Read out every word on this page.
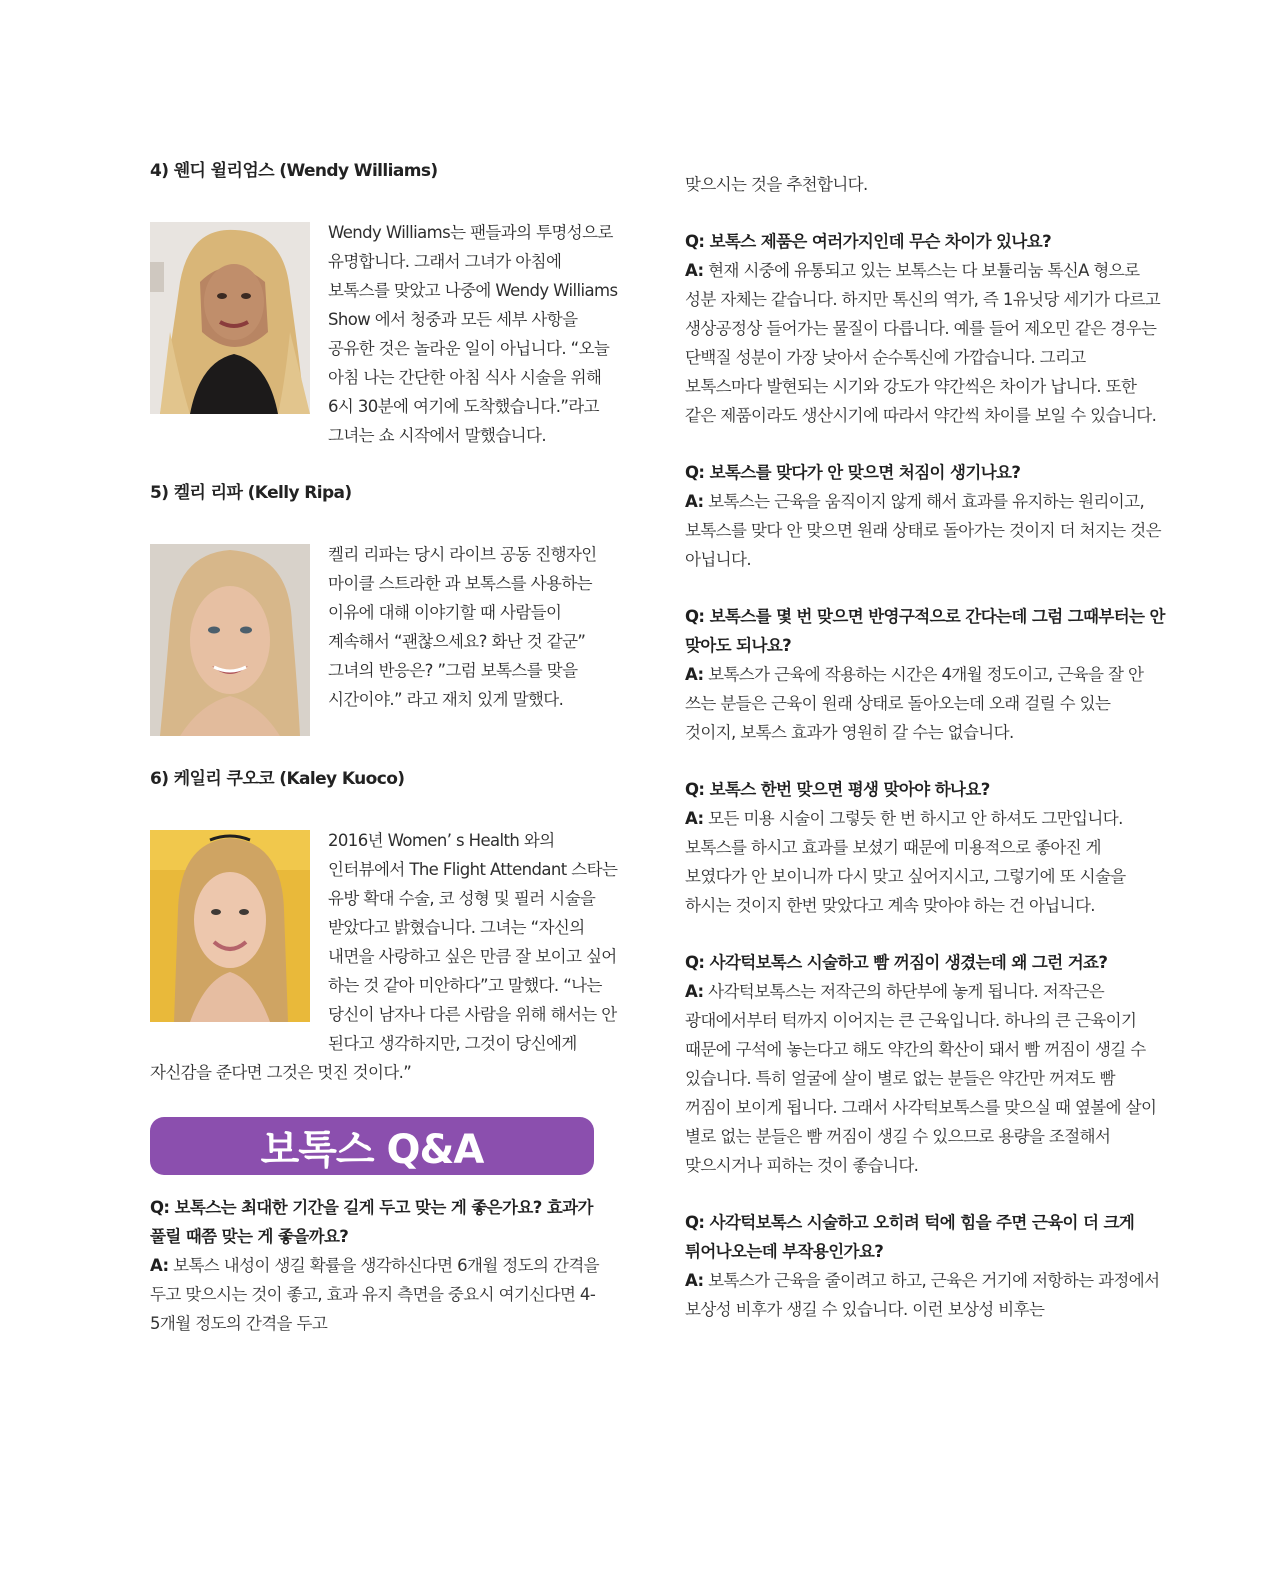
4) 웬디 윌리엄스 (Wendy Williams)

Wendy Williams는 팬들과의 투명성으로 유명합니다. 그래서 그녀가 아침에 보톡스를 맞았고 나중에 Wendy Williams Show 에서 청중과 모든 세부 사항을 공유한 것은 놀라운 일이 아닙니다. “오늘 아침 나는 간단한 아침 식사 시술을 위해 6시 30분에 여기에 도착했습니다.”라고 그녀는 쇼 시작에서 말했습니다.

5) 켈리 리파 (Kelly Ripa)

켈리 리파는 당시 라이브 공동 진행자인 마이클 스트라한 과 보톡스를 사용하는 이유에 대해 이야기할 때 사람들이 계속해서 “괜찮으세요? 화난 것 같군” 그녀의 반응은? ”그럼 보톡스를 맞을 시간이야.” 라고 재치 있게 말했다.

6) 케일리 쿠오코 (Kaley Kuoco)

2016년 Women’ s Health 와의 인터뷰에서 The Flight Attendant 스타는 유방 확대 수술, 코 성형 및 필러 시술을 받았다고 밝혔습니다. 그녀는 “자신의 내면을 사랑하고 싶은 만큼 잘 보이고 싶어 하는 것 같아 미안하다”고 말했다. “나는 당신이 남자나 다른 사람을 위해 해서는 안 된다고 생각하지만, 그것이 당신에게 자신감을 준다면 그것은 멋진 것이다.”

보톡스 Q&A

Q: 보톡스는 최대한 기간을 길게 두고 맞는 게 좋은가요? 효과가 풀릴 때쯤 맞는 게 좋을까요?

A: 보톡스 내성이 생길 확률을 생각하신다면 6개월 정도의 간격을 두고 맞으시는 것이 좋고, 효과 유지 측면을 중요시 여기신다면 4-5개월 정도의 간격을 두고

맞으시는 것을 추천합니다.

Q: 보톡스 제품은 여러가지인데 무슨 차이가 있나요?

A: 현재 시중에 유통되고 있는 보톡스는 다 보튤리눔 톡신A 형으로 성분 자체는 같습니다. 하지만 톡신의 역가, 즉 1유닛당 세기가 다르고 생상공정상 들어가는 물질이 다릅니다. 예를 들어 제오민 같은 경우는 단백질 성분이 가장 낮아서 순수톡신에 가깝습니다. 그리고 보톡스마다 발현되는 시기와 강도가 약간씩은 차이가 납니다. 또한 같은 제품이라도 생산시기에 따라서 약간씩 차이를 보일 수 있습니다.

Q: 보톡스를 맞다가 안 맞으면 처짐이 생기나요?

A: 보톡스는 근육을 움직이지 않게 해서 효과를 유지하는 원리이고, 보톡스를 맞다 안 맞으면 원래 상태로 돌아가는 것이지 더 처지는 것은 아닙니다.

Q: 보톡스를 몇 번 맞으면 반영구적으로 간다는데 그럼 그때부터는 안 맞아도 되나요?

A: 보톡스가 근육에 작용하는 시간은 4개월 정도이고, 근육을 잘 안 쓰는 분들은 근육이 원래 상태로 돌아오는데 오래 걸릴 수 있는 것이지, 보톡스 효과가 영원히 갈 수는 없습니다.

Q: 보톡스 한번 맞으면 평생 맞아야 하나요?

A: 모든 미용 시술이 그렇듯 한 번 하시고 안 하셔도 그만입니다. 보톡스를 하시고 효과를 보셨기 때문에 미용적으로 좋아진 게 보였다가 안 보이니까 다시 맞고 싶어지시고, 그렇기에 또 시술을 하시는 것이지 한번 맞았다고 계속 맞아야 하는 건 아닙니다.

Q: 사각턱보톡스 시술하고 빰 꺼짐이 생겼는데 왜 그런 거죠?

A: 사각턱보톡스는 저작근의 하단부에 놓게 됩니다. 저작근은 광대에서부터 턱까지 이어지는 큰 근육입니다. 하나의 큰 근육이기 때문에 구석에 놓는다고 해도 약간의 확산이 돼서 빰 꺼짐이 생길 수 있습니다. 특히 얼굴에 살이 별로 없는 분들은 약간만 꺼져도 빰 꺼짐이 보이게 됩니다. 그래서 사각턱보톡스를 맞으실 때 옆볼에 살이 별로 없는 분들은 빰 꺼짐이 생길 수 있으므로 용량을 조절해서 맞으시거나 피하는 것이 좋습니다.

Q: 사각턱보톡스 시술하고 오히려 턱에 힘을 주면 근육이 더 크게 튀어나오는데 부작용인가요?

A: 보톡스가 근육을 줄이려고 하고, 근육은 거기에 저항하는 과정에서 보상성 비후가 생길 수 있습니다. 이런 보상성 비후는
